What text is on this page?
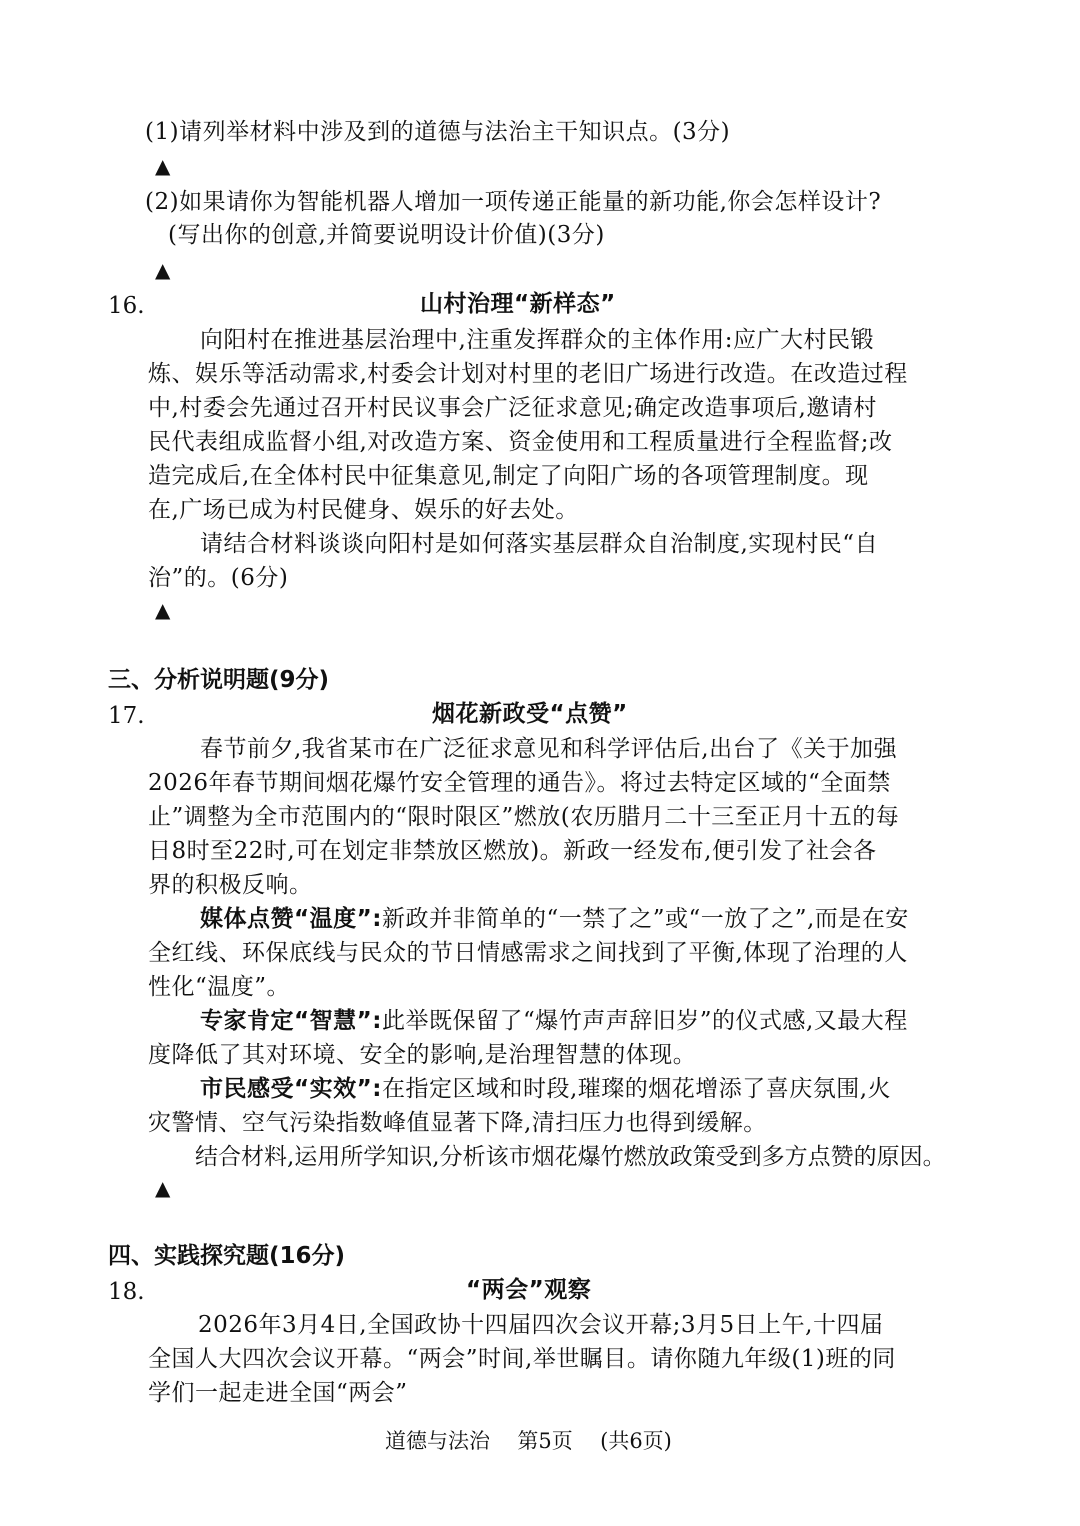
(1)请列举材料中涉及到的道德与法治主干知识点。(3分)
▲
(2)如果请你为智能机器人增加一项传递正能量的新功能,你会怎样设计?
(写出你的创意,并简要说明设计价值)(3分)
▲
16.	山村治理“新样态”
向阳村在推进基层治理中,注重发挥群众的主体作用:应广大村民锻
炼、娱乐等活动需求,村委会计划对村里的老旧广场进行改造。在改造过程
中,村委会先通过召开村民议事会广泛征求意见;确定改造事项后,邀请村
民代表组成监督小组,对改造方案、资金使用和工程质量进行全程监督;改
造完成后,在全体村民中征集意见,制定了向阳广场的各项管理制度。现
在,广场已成为村民健身、娱乐的好去处。
请结合材料谈谈向阳村是如何落实基层群众自治制度,实现村民“自
治”的。(6分)
▲
三、分析说明题(9分)
17.	烟花新政受“点赞”
春节前夕,我省某市在广泛征求意见和科学评估后,出台了《关于加强
2026年春节期间烟花爆竹安全管理的通告》。将过去特定区域的“全面禁
止”调整为全市范围内的“限时限区”燃放(农历腊月二十三至正月十五的每
日8时至22时,可在划定非禁放区燃放)。新政一经发布,便引发了社会各
界的积极反响。
媒体点赞“温度”:新政并非简单的“一禁了之”或“一放了之”,而是在安
全红线、环保底线与民众的节日情感需求之间找到了平衡,体现了治理的人
性化“温度”。
专家肯定“智慧”:此举既保留了“爆竹声声辞旧岁”的仪式感,又最大程
度降低了其对环境、安全的影响,是治理智慧的体现。
市民感受“实效”:在指定区域和时段,璀璨的烟花增添了喜庆氛围,火
灾警情、空气污染指数峰值显著下降,清扫压力也得到缓解。
结合材料,运用所学知识,分析该市烟花爆竹燃放政策受到多方点赞的原因。
▲
四、实践探究题(16分)
18.	“两会”观察
2026年3月4日,全国政协十四届四次会议开幕;3月5日上午,十四届
全国人大四次会议开幕。“两会”时间,举世瞩目。请你随九年级(1)班的同
学们一起走进全国“两会”
道德与法治 第5页 (共6页)
